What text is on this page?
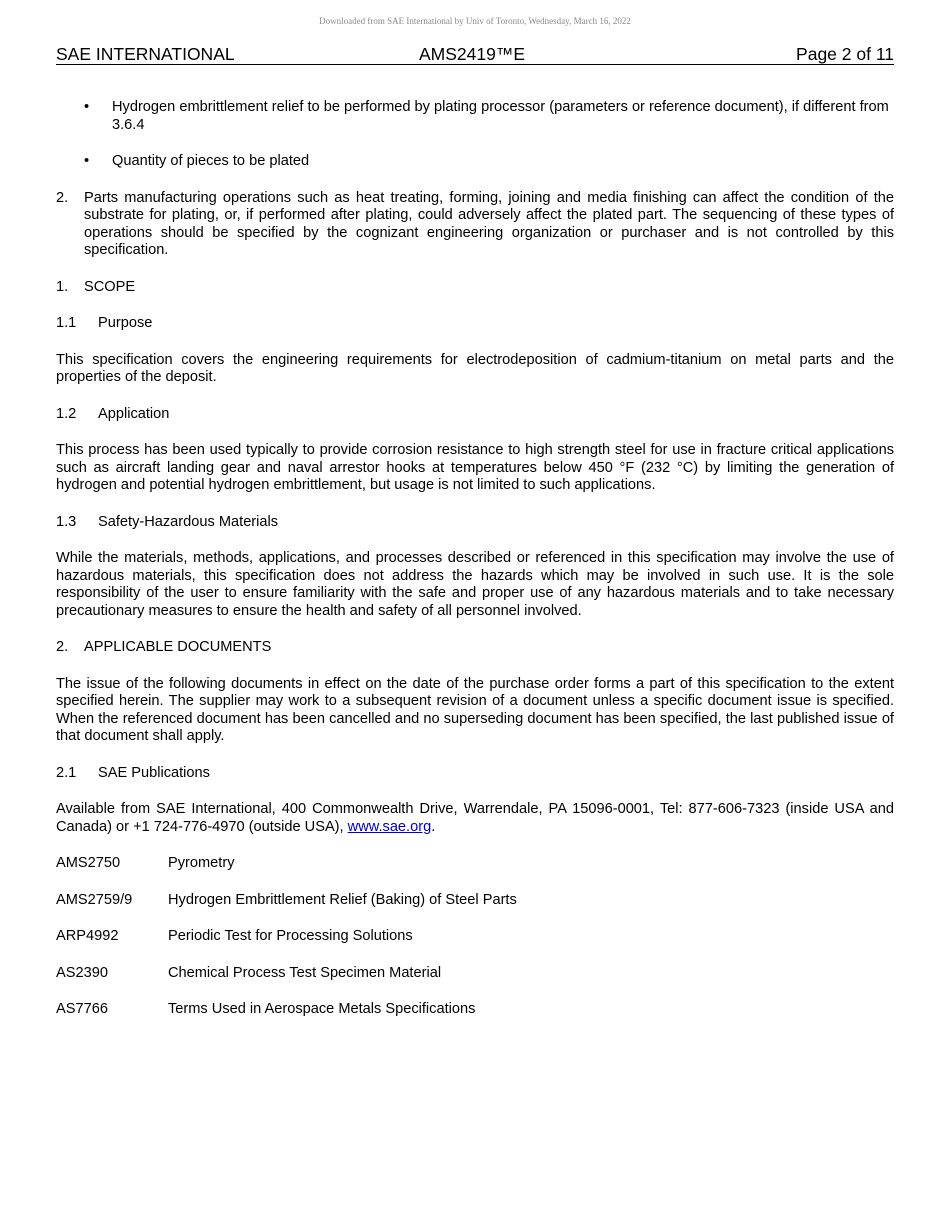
Downloaded from SAE International by Univ of Toronto, Wednesday, March 16, 2022
SAE INTERNATIONAL	AMS2419™E	Page 2 of 11
• Hydrogen embrittlement relief to be performed by plating processor (parameters or reference document), if different from 3.6.4

• Quantity of pieces to be plated

2. Parts manufacturing operations such as heat treating, forming, joining and media finishing can affect the condition of the substrate for plating, or, if performed after plating, could adversely affect the plated part. The sequencing of these types of operations should be specified by the cognizant engineering organization or purchaser and is not controlled by this specification.

1. SCOPE
1.1 Purpose

This specification covers the engineering requirements for electrodeposition of cadmium-titanium on metal parts and the properties of the deposit.

1.2 Application

This process has been used typically to provide corrosion resistance to high strength steel for use in fracture critical applications such as aircraft landing gear and naval arrestor hooks at temperatures below 450 °F (232 °C) by limiting the generation of hydrogen and potential hydrogen embrittlement, but usage is not limited to such applications.

1.3 Safety-Hazardous Materials

While the materials, methods, applications, and processes described or referenced in this specification may involve the use of hazardous materials, this specification does not address the hazards which may be involved in such use. It is the sole responsibility of the user to ensure familiarity with the safe and proper use of any hazardous materials and to take necessary precautionary measures to ensure the health and safety of all personnel involved.

2. APPLICABLE DOCUMENTS

The issue of the following documents in effect on the date of the purchase order forms a part of this specification to the extent specified herein. The supplier may work to a subsequent revision of a document unless a specific document issue is specified. When the referenced document has been cancelled and no superseding document has been specified, the last published issue of that document shall apply.

2.1 SAE Publications

Available from SAE International, 400 Commonwealth Drive, Warrendale, PA 15096-0001, Tel: 877-606-7323 (inside USA and Canada) or +1 724-776-4970 (outside USA), www.sae.org.

AMS2750	Pyrometry
AMS2759/9 Hydrogen Embrittlement Relief (Baking) of Steel Parts
ARP4992	Periodic Test for Processing Solutions
AS2390	Chemical Process Test Specimen Material
AS7766	Terms Used in Aerospace Metals Specifications
